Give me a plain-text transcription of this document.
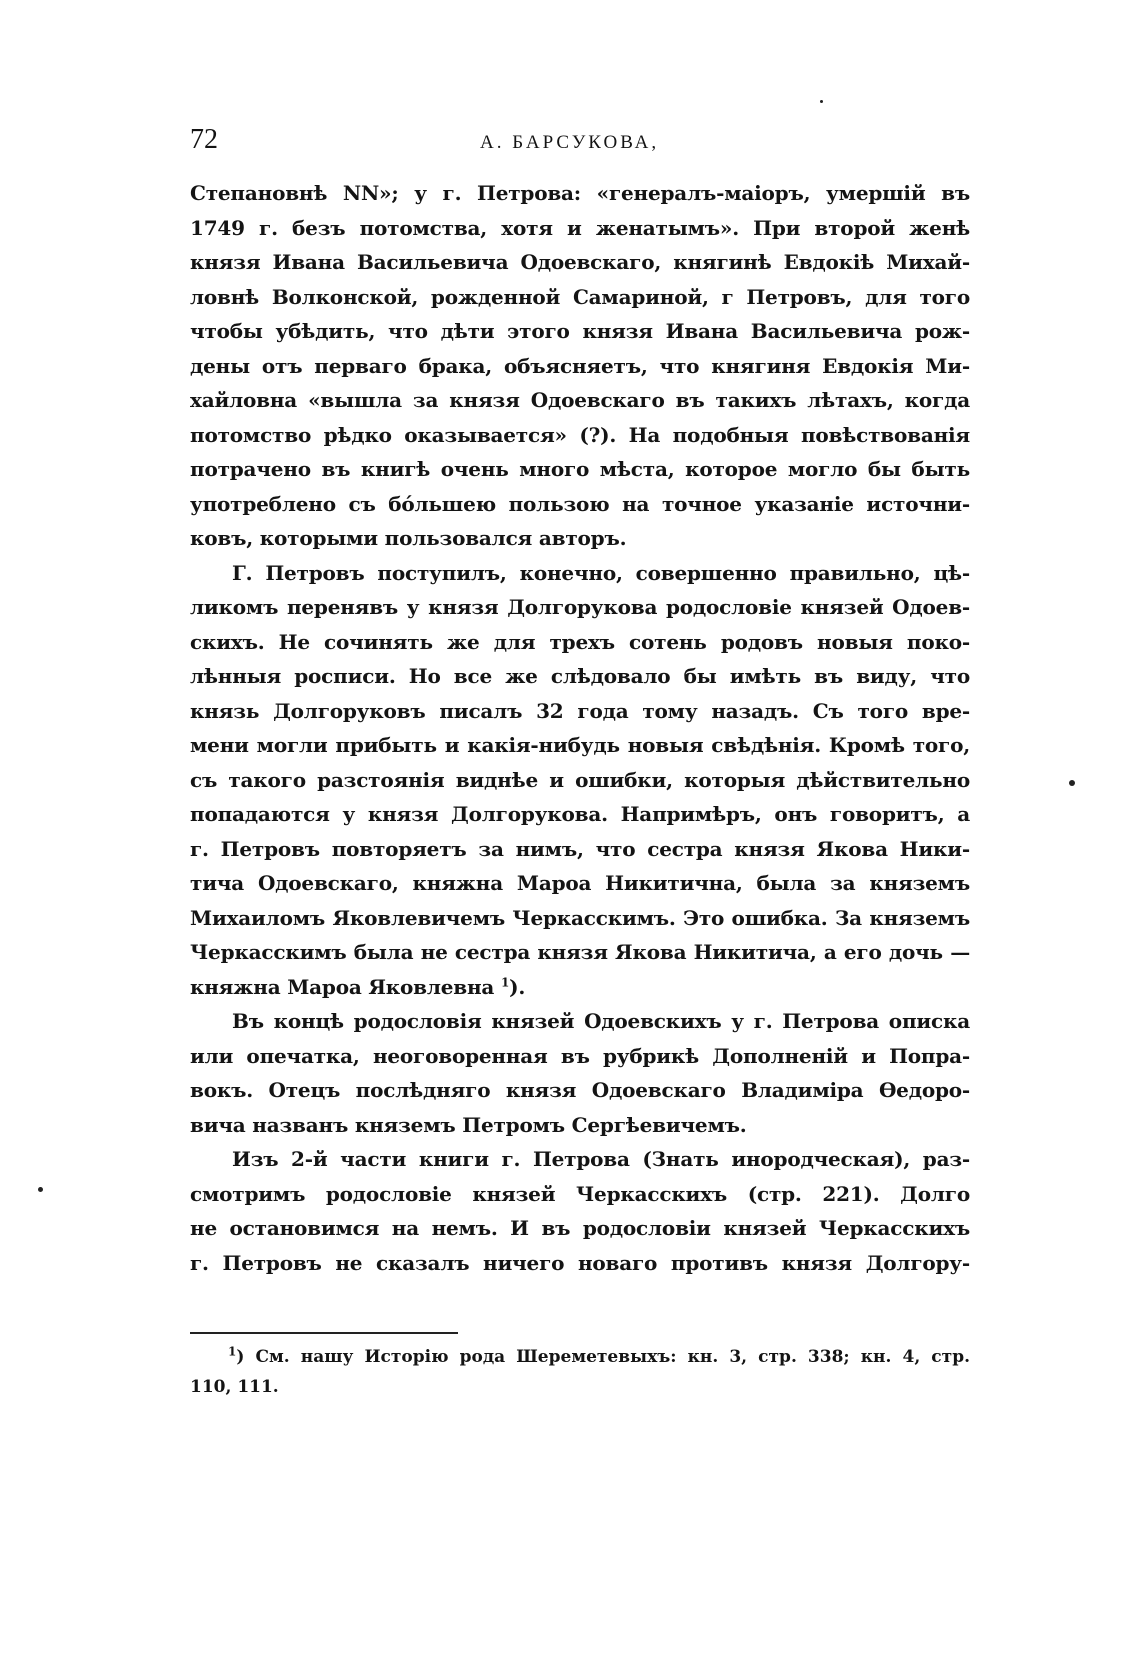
72	А. БАРСУКОВА,
Степановнѣ NN»; у г. Петрова: «генералъ-маіоръ, умершій въ
1749 г. безъ потомства, хотя и женатымъ». При второй женѣ
князя Ивана Васильевича Одоевскаго, княгинѣ Евдокіѣ Михай-
ловнѣ Волконской, рожденной Самариной, г Петровъ, для того
чтобы убѣдить, что дѣти этого князя Ивана Васильевича рож-
дены отъ перваго брака, объясняетъ, что княгиня Евдокія Ми-
хайловна «вышла за князя Одоевскаго въ такихъ лѣтахъ, когда
потомство рѣдко оказывается» (?). На подобныя повѣствованія
потрачено въ книгѣ очень много мѣста, которое могло бы быть
употреблено съ бóльшею пользою на точное указаніе источни-
ковъ, которыми пользовался авторъ.
Г. Петровъ поступилъ, конечно, совершенно правильно, цѣ-
ликомъ перенявъ у князя Долгорукова родословіе князей Одоев-
скихъ. Не сочинять же для трехъ сотень родовъ новыя поко-
лѣнныя росписи. Но все же слѣдовало бы имѣть въ виду, что
князь Долгоруковъ писалъ 32 года тому назадъ. Съ того вре-
мени могли прибыть и какія-нибудь новыя свѣдѣнія. Кромѣ того,
съ такого разстоянія виднѣе и ошибки, которыя дѣйствительно
попадаются у князя Долгорукова. Напримѣръ, онъ говоритъ, а
г. Петровъ повторяетъ за нимъ, что сестра князя Якова Ники-
тича Одоевскаго, княжна Мароа Никитична, была за княземъ
Михаиломъ Яковлевичемъ Черкасскимъ. Это ошибка. За княземъ
Черкасскимъ была не сестра князя Якова Никитича, а его дочь —
княжна Мароа Яковлевна $^1$).
Въ концѣ родословія князей Одоевскихъ у г. Петрова описка
или опечатка, неоговоренная въ рубрикѣ Дополненій и Попра-
вокъ. Отецъ послѣдняго князя Одоевскаго Владиміра Өедоро-
вича названъ княземъ Петромъ Сергѣевичемъ.
Изъ 2-й части книги г. Петрова (Знать инородческая), раз-
смотримъ родословіе князей Черкасскихъ (стр. 221). Долго
не остановимся на немъ. И въ родословіи князей Черкасскихъ
г. Петровъ не сказалъ ничего новаго противъ князя Долгору-
$^1$) См. нашу Исторію рода Шереметевыхъ: кн. 3, стр. 338; кн. 4, стр.
110, 111.
